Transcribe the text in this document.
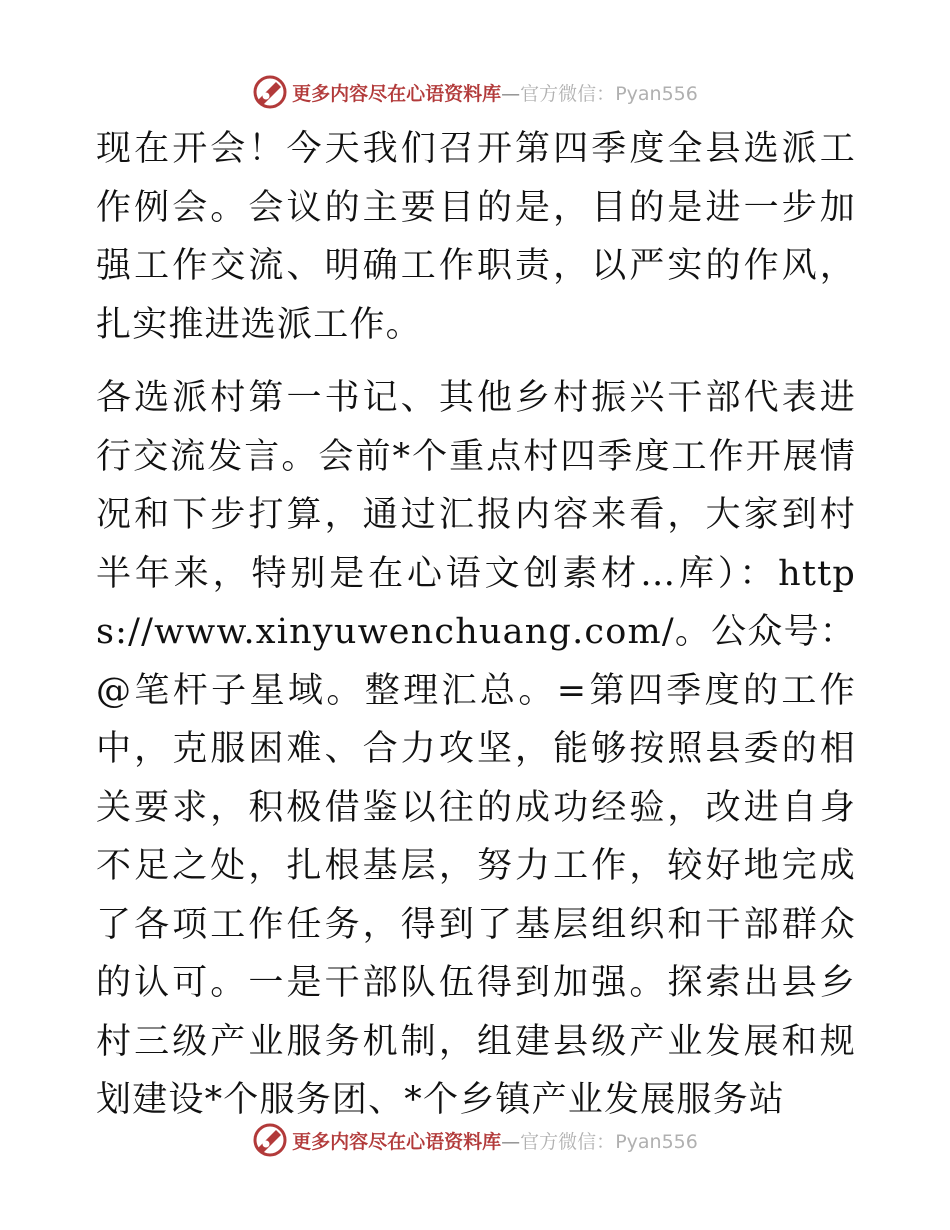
更多内容尽在心语资料库—官方微信：Pyan556

现在开会！今天我们召开第四季度全县选派工作例会。会议的主要目的是，目的是进一步加强工作交流、明确工作职责，以严实的作风，扎实推进选派工作。

各选派村第一书记、其他乡村振兴干部代表进行交流发言。会前*个重点村四季度工作开展情况和下步打算，通过汇报内容来看，大家到村半年来，特别是在心语文创素材…库）：https://​www.xinyuwenchuang.com/。公众号：@笔杆子星域。整理汇总。=第四季度的工作中，克服困难、合力攻坚，能够按照县委的相关要求，积极借鉴以往的成功经验，改进自身不足之处，扎根基层，努力工作，较好地完成了各项工作任务，得到了基层组织和干部群众的认可。一是干部队伍得到加强。探索出县乡村三级产业服务机制，组建县级产业发展和规划建设*个服务团、*个乡镇产业发展服务站

更多内容尽在心语资料库—官方微信：Pyan556
